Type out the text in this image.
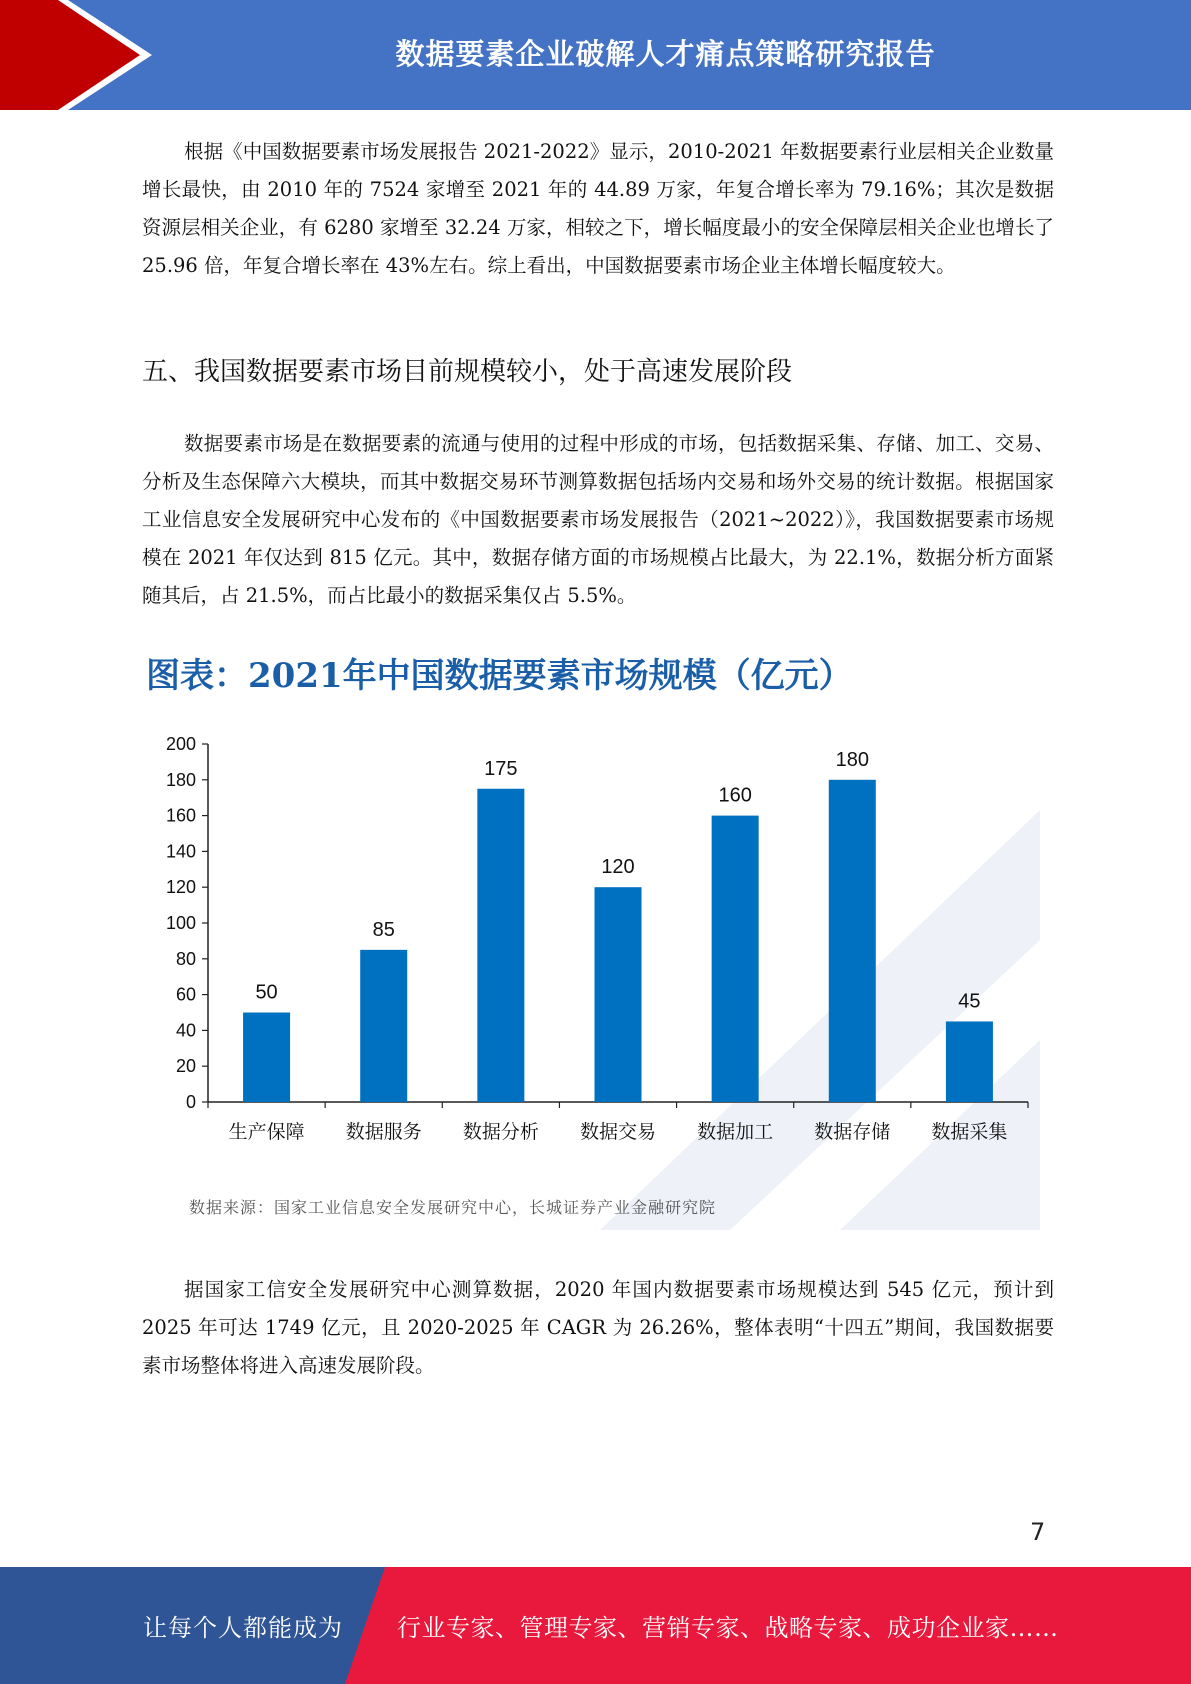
数据要素企业破解人才痛点策略研究报告

根据《中国数据要素市场发展报告 2021-2022》显示，2010-2021 年数据要素行业层相关企业数量增长最快，由 2010 年的 7524 家增至 2021 年的 44.89 万家，年复合增长率为 79.16%；其次是数据资源层相关企业，有 6280 家增至 32.24 万家，相较之下，增长幅度最小的安全保障层相关企业也增长了 25.96 倍，年复合增长率在 43%左右。综上看出，中国数据要素市场企业主体增长幅度较大。

五、我国数据要素市场目前规模较小，处于高速发展阶段

数据要素市场是在数据要素的流通与使用的过程中形成的市场，包括数据采集、存储、加工、交易、分析及生态保障六大模块，而其中数据交易环节测算数据包括场内交易和场外交易的统计数据。根据国家工业信息安全发展研究中心发布的《中国数据要素市场发展报告（2021~2022）》，我国数据要素市场规模在 2021 年仅达到 815 亿元。其中，数据存储方面的市场规模占比最大，为 22.1%，数据分析方面紧随其后，占 21.5%，而占比最小的数据采集仅占 5.5%。

图表：2021年中国数据要素市场规模（亿元）
0
20
40
60
80
100
120
140
160
180
200
50
生产保障
85
数据服务
175
数据分析
120
数据交易
160
数据加工
180
数据存储
45
数据采集
数据来源：国家工业信息安全发展研究中心，长城证券产业金融研究院

据国家工信安全发展研究中心测算数据，2020 年国内数据要素市场规模达到 545 亿元，预计到 2025 年可达 1749 亿元，且 2020-2025 年 CAGR 为 26.26%，整体表明“十四五”期间，我国数据要素市场整体将进入高速发展阶段。

7
让每个人都能成为 行业专家、管理专家、营销专家、战略专家、成功企业家……
